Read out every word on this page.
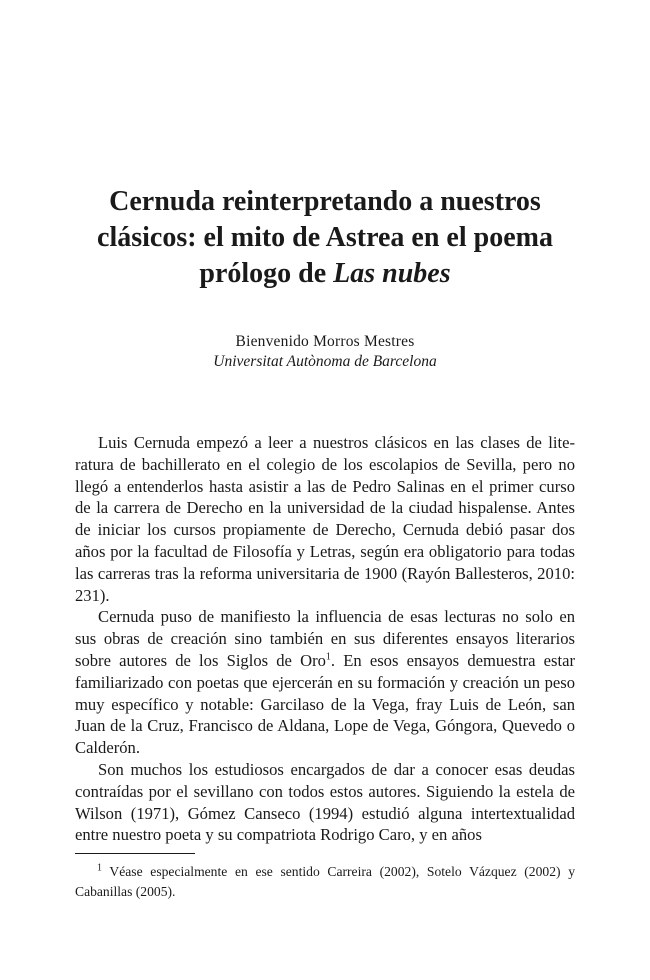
Cernuda reinterpretando a nuestros clásicos: el mito de Astrea en el poema prólogo de Las nubes
Bienvenido Morros Mestres
Universitat Autònoma de Barcelona

Luis Cernuda empezó a leer a nuestros clásicos en las clases de literatura de bachillerato en el colegio de los escolapios de Sevilla, pero no llegó a entenderlos hasta asistir a las de Pedro Salinas en el primer curso de la carrera de Derecho en la universidad de la ciudad hispalense. Antes de iniciar los cursos propiamente de Derecho, Cernuda debió pasar dos años por la facultad de Filosofía y Letras, según era obligatorio para todas las carreras tras la reforma universitaria de 1900 (Rayón Ballesteros, 2010: 231).

Cernuda puso de manifiesto la influencia de esas lecturas no solo en sus obras de creación sino también en sus diferentes ensayos literarios sobre autores de los Siglos de Oro$^1$. En esos ensayos demuestra estar familiarizado con poetas que ejercerán en su formación y creación un peso muy específico y notable: Garcilaso de la Vega, fray Luis de León, san Juan de la Cruz, Francisco de Aldana, Lope de Vega, Góngora, Quevedo o Calderón.

Son muchos los estudiosos encargados de dar a conocer esas deudas contraídas por el sevillano con todos estos autores. Siguiendo la estela de Wilson (1971), Gómez Canseco (1994) estudió alguna intertextualidad entre nuestro poeta y su compatriota Rodrigo Caro, y en años

$^1$ Véase especialmente en ese sentido Carreira (2002), Sotelo Vázquez (2002) y Cabanillas (2005).
